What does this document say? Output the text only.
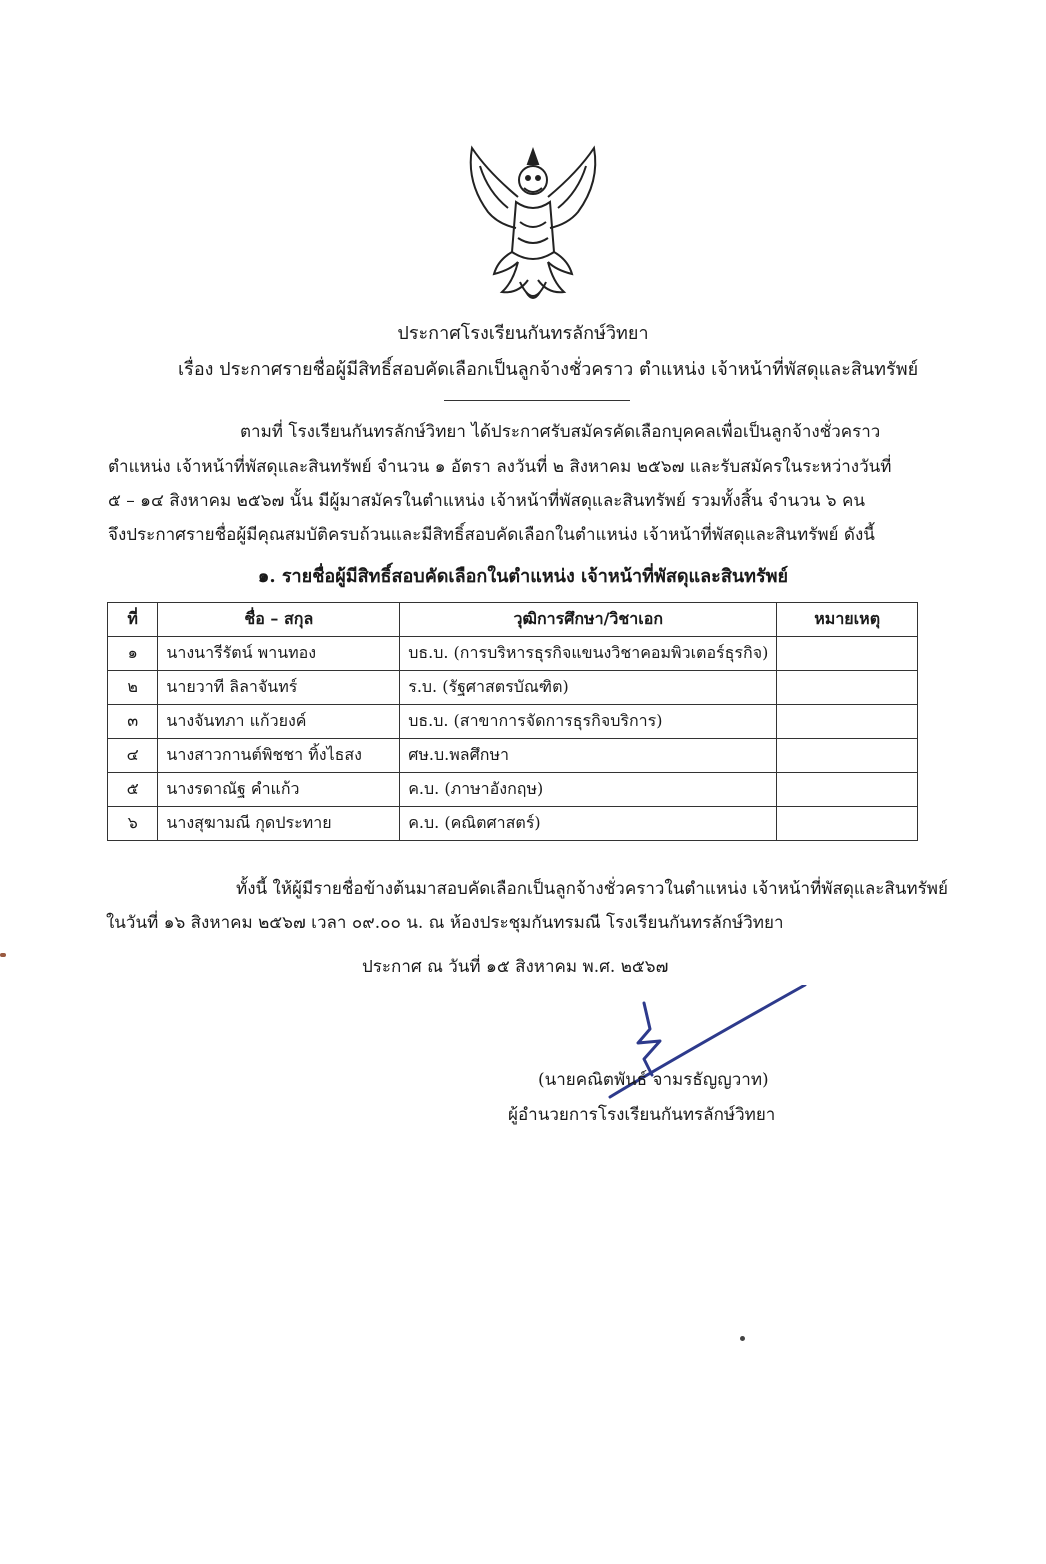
ประกาศโรงเรียนกันทรลักษ์วิทยา
เรื่อง ประกาศรายชื่อผู้มีสิทธิ์สอบคัดเลือกเป็นลูกจ้างชั่วคราว ตำแหน่ง เจ้าหน้าที่พัสดุและสินทรัพย์
ตามที่ โรงเรียนกันทรลักษ์วิทยา ได้ประกาศรับสมัครคัดเลือกบุคคลเพื่อเป็นลูกจ้างชั่วคราว
ตำแหน่ง เจ้าหน้าที่พัสดุและสินทรัพย์ จำนวน ๑ อัตรา ลงวันที่ ๒ สิงหาคม ๒๕๖๗ และรับสมัครในระหว่างวันที่
๕ – ๑๔ สิงหาคม ๒๕๖๗ นั้น มีผู้มาสมัครในตำแหน่ง เจ้าหน้าที่พัสดุและสินทรัพย์ รวมทั้งสิ้น จำนวน ๖ คน
จึงประกาศรายชื่อผู้มีคุณสมบัติครบถ้วนและมีสิทธิ์สอบคัดเลือกในตำแหน่ง เจ้าหน้าที่พัสดุและสินทรัพย์ ดังนี้
๑. รายชื่อผู้มีสิทธิ์สอบคัดเลือกในตำแหน่ง เจ้าหน้าที่พัสดุและสินทรัพย์
ที่	ชื่อ – สกุล	วุฒิการศึกษา/วิชาเอก	หมายเหตุ
๑	นางนารีรัตน์ พานทอง	บธ.บ. (การบริหารธุรกิจแขนงวิชาคอมพิวเตอร์ธุรกิจ)	
๒	นายวาที ลิลาจันทร์	ร.บ. (รัฐศาสตรบัณฑิต)	
๓	นางจันทภา แก้วยงค์	บธ.บ. (สาขาการจัดการธุรกิจบริการ)	
๔	นางสาวกานต์พิชชา ทิ้งไธสง	ศษ.บ.พลศึกษา	
๕	นางรดาณัฐ คำแก้ว	ค.บ. (ภาษาอังกฤษ)	
๖	นางสุฆามณี กุดประทาย	ค.บ. (คณิตศาสตร์)	
ทั้งนี้ ให้ผู้มีรายชื่อข้างต้นมาสอบคัดเลือกเป็นลูกจ้างชั่วคราวในตำแหน่ง เจ้าหน้าที่พัสดุและสินทรัพย์
ในวันที่ ๑๖ สิงหาคม ๒๕๖๗ เวลา ๐๙.๐๐ น. ณ ห้องประชุมกันทรมณี โรงเรียนกันทรลักษ์วิทยา
ประกาศ ณ วันที่ ๑๕ สิงหาคม พ.ศ. ๒๕๖๗
(นายคณิตพันธ์ จามรธัญญวาท)
ผู้อำนวยการโรงเรียนกันทรลักษ์วิทยา
